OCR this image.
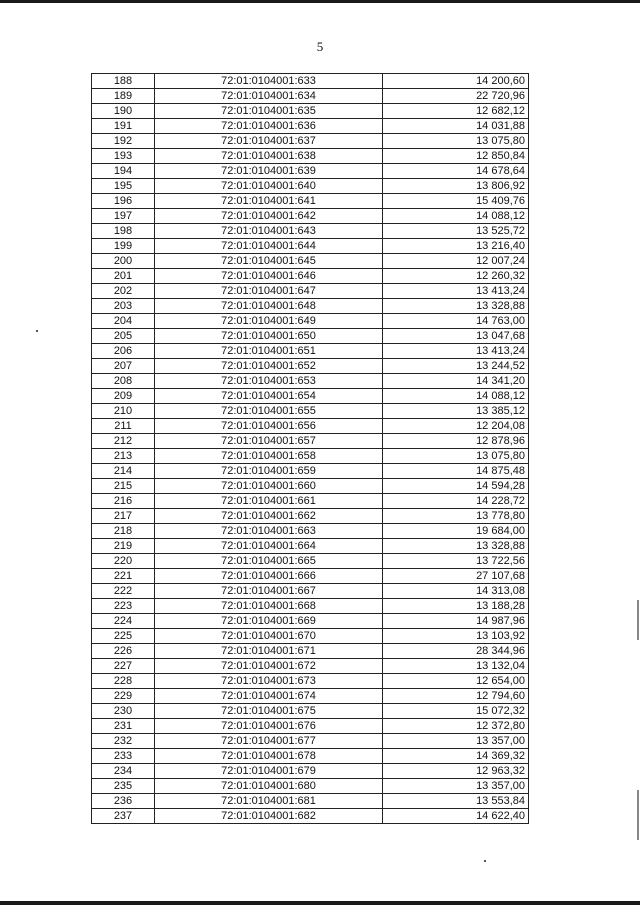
5
188	72:01:0104001:633	14 200,60
189	72:01:0104001:634	22 720,96
190	72:01:0104001:635	12 682,12
191	72:01:0104001:636	14 031,88
192	72:01:0104001:637	13 075,80
193	72:01:0104001:638	12 850,84
194	72:01:0104001:639	14 678,64
195	72:01:0104001:640	13 806,92
196	72:01:0104001:641	15 409,76
197	72:01:0104001:642	14 088,12
198	72:01:0104001:643	13 525,72
199	72:01:0104001:644	13 216,40
200	72:01:0104001:645	12 007,24
201	72:01:0104001:646	12 260,32
202	72:01:0104001:647	13 413,24
203	72:01:0104001:648	13 328,88
204	72:01:0104001:649	14 763,00
205	72:01:0104001:650	13 047,68
206	72:01:0104001:651	13 413,24
207	72:01:0104001:652	13 244,52
208	72:01:0104001:653	14 341,20
209	72:01:0104001:654	14 088,12
210	72:01:0104001:655	13 385,12
211	72:01:0104001:656	12 204,08
212	72:01:0104001:657	12 878,96
213	72:01:0104001:658	13 075,80
214	72:01:0104001:659	14 875,48
215	72:01:0104001:660	14 594,28
216	72:01:0104001:661	14 228,72
217	72:01:0104001:662	13 778,80
218	72:01:0104001:663	19 684,00
219	72:01:0104001:664	13 328,88
220	72:01:0104001:665	13 722,56
221	72:01:0104001:666	27 107,68
222	72:01:0104001:667	14 313,08
223	72:01:0104001:668	13 188,28
224	72:01:0104001:669	14 987,96
225	72:01:0104001:670	13 103,92
226	72:01:0104001:671	28 344,96
227	72:01:0104001:672	13 132,04
228	72:01:0104001:673	12 654,00
229	72:01:0104001:674	12 794,60
230	72:01:0104001:675	15 072,32
231	72:01:0104001:676	12 372,80
232	72:01:0104001:677	13 357,00
233	72:01:0104001:678	14 369,32
234	72:01:0104001:679	12 963,32
235	72:01:0104001:680	13 357,00
236	72:01:0104001:681	13 553,84
237	72:01:0104001:682	14 622,40
